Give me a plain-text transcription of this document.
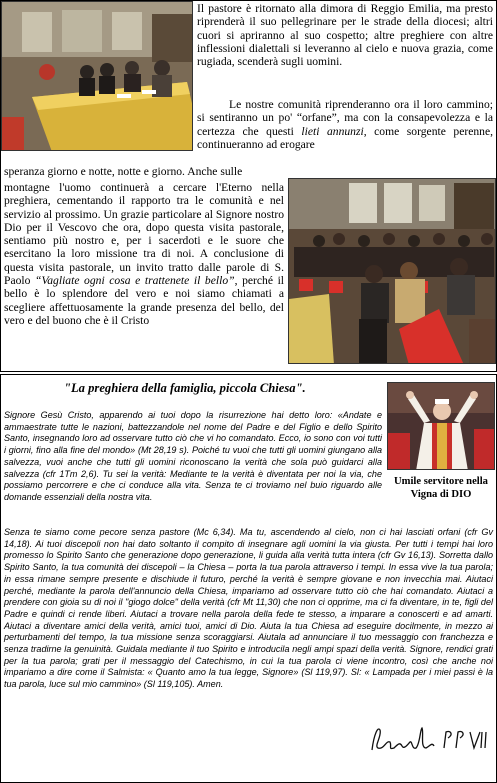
Il pastore è ritornato alla dimora di Reggio Emilia, ma presto riprenderà il suo pellegrinare per le strade della diocesi; altri cuori si apriranno al suo cospetto; altre preghiere con altre inflessioni dialettali si leveranno al cielo e nuova grazia, come rugiada, scenderà sugli uomini.
Le nostre comunità riprenderanno ora il loro cammino; si sentiranno un po' “orfane”, ma con la consapevolezza e la certezza che questi lieti annunzi, come sorgente perenne, continueranno ad erogare
speranza giorno e notte, notte e giorno. Anche sulle
montagne l'uomo continuerà a cercare l'Eterno nella preghiera, cementando il rapporto tra le comunità e nel servizio al prossimo. Un grazie particolare al Signore nostro Dio per il Vescovo che ora, dopo questa visita pastorale, sentiamo più nostro e, per i sacerdoti e le suore che esercitano la loro missione tra di noi. A conclusione di questa visita pastorale, un invito tratto dalle parole di S. Paolo “Vagliate ogni cosa e trattenete il bello”, perché il bello è lo splendore del vero e noi siamo chiamati a scegliere affettuosamente la grande presenza del bello, del vero e del buono che è il Cristo
"La preghiera della famiglia, piccola Chiesa".
Umile servitore nella Vigna di DIO
Signore Gesù Cristo, apparendo ai tuoi dopo la risurrezione hai detto loro: «Andate e ammaestrate tutte le nazioni, battezzandole nel nome del Padre e del Figlio e dello Spirito Santo, insegnando loro ad osservare tutto ciò che vi ho comandato. Ecco, io sono con voi tutti i giorni, fino alla fine del mondo» (Mt 28,19 s). Poiché tu vuoi che tutti gli uomini giungano alla salvezza, vuoi anche che tutti gli uomini riconoscano la verità che sola può guidarci alla salvezza (cfr 1Tm 2,6). Tu sei la verità: Mediante te la verità è diventata per noi la via, che possiamo percorrere e che ci conduce alla vita. Senza te ci troviamo nel buio riguardo alle domande essenziali della nostra vita.
Senza te siamo come pecore senza pastore (Mc 6,34). Ma tu, ascendendo al cielo, non ci hai lasciati orfani (cfr Gv 14,18). Ai tuoi discepoli non hai dato soltanto il compito di insegnare agli uomini la via giusta. Per tutti i tempi hai loro promesso lo Spirito Santo che generazione dopo generazione, li guida alla verità tutta intera (cfr Gv 16,13). Sorretta dallo Spirito Santo, la tua comunità dei discepoli – la Chiesa – porta la tua parola attraverso i tempi. In essa vive la tua parola; in essa rimane sempre presente e dischiude il futuro, perché la verità è sempre giovane e non invecchia mai. Aiutaci perché, mediante la parola dell'annuncio della Chiesa, impariamo ad osservare tutto ciò che hai comandato. Aiutaci a prendere con gioia su di noi il "giogo dolce" della verità (cfr Mt 11,30) che non ci opprime, ma ci fa diventare, in te, figli del Padre e quindi ci rende liberi. Aiutaci a trovare nella parola della fede te stesso, a imparare a conoscerti e ad amarti. Aiutaci a diventare amici della verità, amici tuoi, amici di Dio. Aiuta la tua Chiesa ad eseguire docilmente, in mezzo ai perturbamenti del tempo, la tua missione senza scoraggiarsi. Aiutala ad annunciare il tuo messaggio con franchezza e senza tradirne la genuinità. Guidala mediante il tuo Spirito e introducila negli ampi spazi della verità. Signore, rendici grati per la tua parola; grati per il messaggio del Catechismo, in cui la tua parola ci viene incontro, così che anche noi impariamo a dire come il Salmista: « Quanto amo la tua legge, Signore» (Sl 119,97). Sl: « Lampada per i miei passi è la tua parola, luce sul mio cammino» (Sl 119,105). Amen.
